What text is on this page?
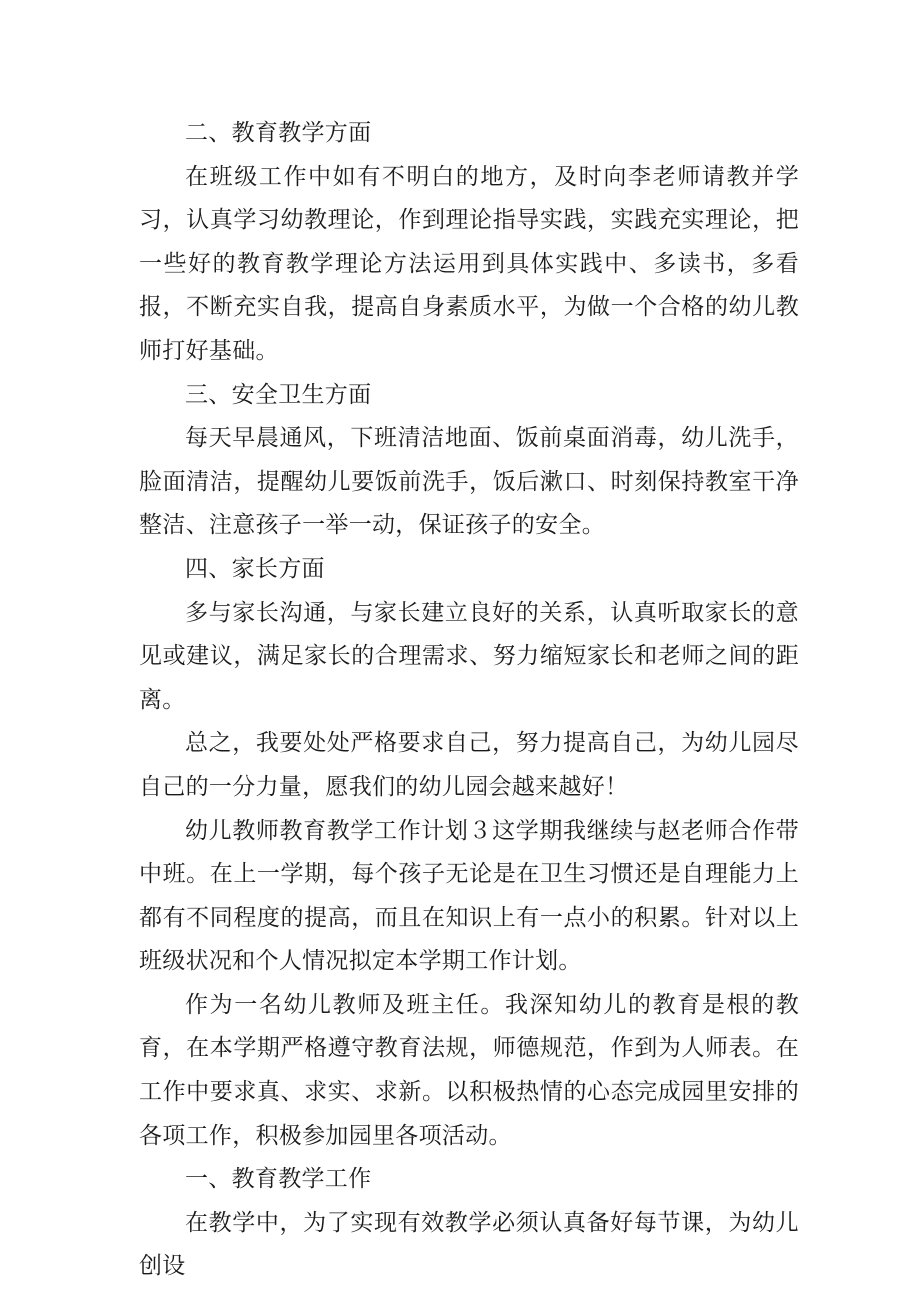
二、教育教学方面

在班级工作中如有不明白的地方，及时向李老师请教并学习，认真学习幼教理论，作到理论指导实践，实践充实理论，把一些好的教育教学理论方法运用到具体实践中、多读书，多看报，不断充实自我，提高自身素质水平，为做一个合格的幼儿教师打好基础。

三、安全卫生方面

每天早晨通风，下班清洁地面、饭前桌面消毒，幼儿洗手，脸面清洁，提醒幼儿要饭前洗手，饭后漱口、时刻保持教室干净整洁、注意孩子一举一动，保证孩子的安全。

四、家长方面

多与家长沟通，与家长建立良好的关系，认真听取家长的意见或建议，满足家长的合理需求、努力缩短家长和老师之间的距离。

总之，我要处处严格要求自己，努力提高自己，为幼儿园尽自己的一分力量，愿我们的幼儿园会越来越好！

幼儿教师教育教学工作计划３这学期我继续与赵老师合作带中班。在上一学期，每个孩子无论是在卫生习惯还是自理能力上都有不同程度的提高，而且在知识上有一点小的积累。针对以上班级状况和个人情况拟定本学期工作计划。

作为一名幼儿教师及班主任。我深知幼儿的教育是根的教育，在本学期严格遵守教育法规，师德规范，作到为人师表。在工作中要求真、求实、求新。以积极热情的心态完成园里安排的各项工作，积极参加园里各项活动。

一、教育教学工作

在教学中，为了实现有效教学必须认真备好每节课，为幼儿创设
